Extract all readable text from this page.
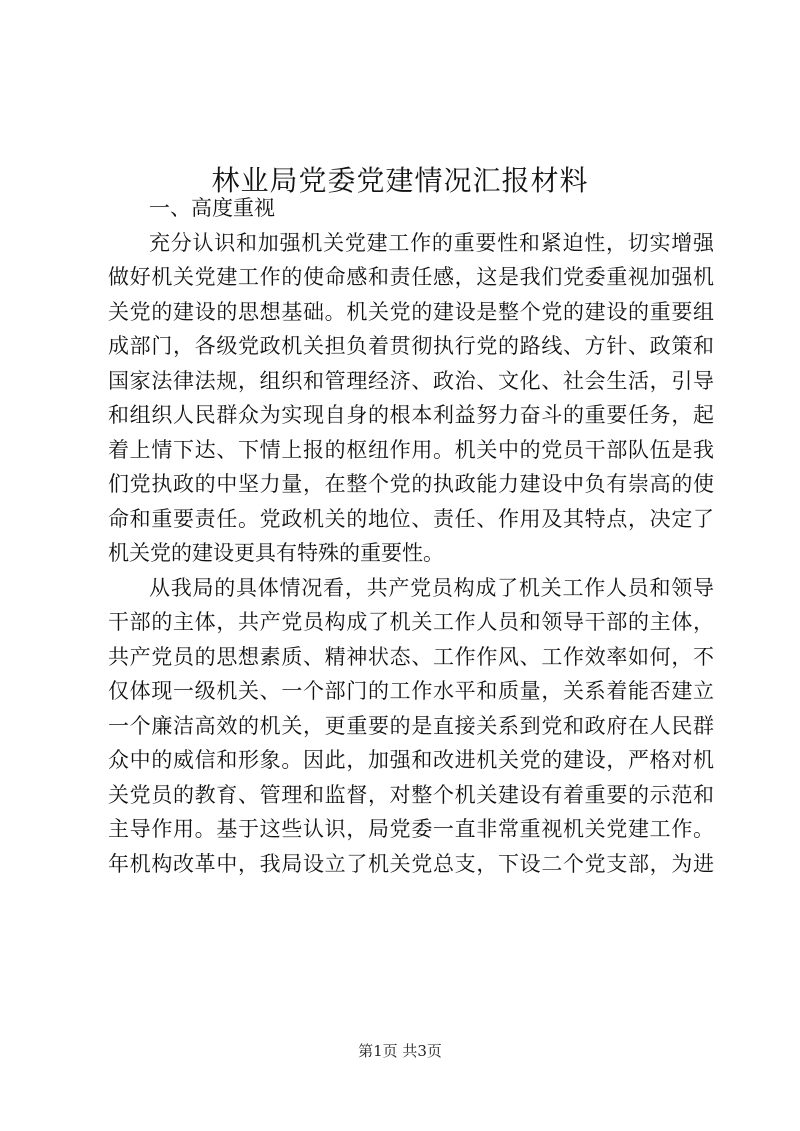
林业局党委党建情况汇报材料

一、高度重视

充分认识和加强机关党建工作的重要性和紧迫性，切实增强
做好机关党建工作的使命感和责任感，这是我们党委重视加强机
关党的建设的思想基础。机关党的建设是整个党的建设的重要组
成部门，各级党政机关担负着贯彻执行党的路线、方针、政策和
国家法律法规，组织和管理经济、政治、文化、社会生活，引导
和组织人民群众为实现自身的根本利益努力奋斗的重要任务，起
着上情下达、下情上报的枢纽作用。机关中的党员干部队伍是我
们党执政的中坚力量，在整个党的执政能力建设中负有崇高的使
命和重要责任。党政机关的地位、责任、作用及其特点，决定了
机关党的建设更具有特殊的重要性。
从我局的具体情况看，共产党员构成了机关工作人员和领导
干部的主体，共产党员构成了机关工作人员和领导干部的主体，
共产党员的思想素质、精神状态、工作作风、工作效率如何，不
仅体现一级机关、一个部门的工作水平和质量，关系着能否建立
一个廉洁高效的机关，更重要的是直接关系到党和政府在人民群
众中的威信和形象。因此，加强和改进机关党的建设，严格对机
关党员的教育、管理和监督，对整个机关建设有着重要的示范和
主导作用。基于这些认识，局党委一直非常重视机关党建工作。
年机构改革中，我局设立了机关党总支，下设二个党支部，为进
第1页 共3页
